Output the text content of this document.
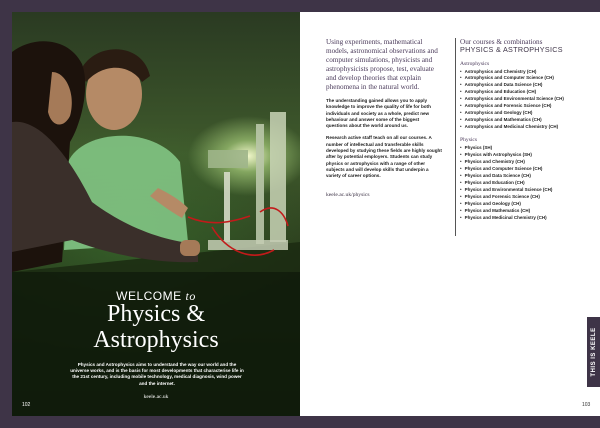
WELCOME to
Physics &
Astrophysics
Physics and Astrophysics aims to understand the way our world and the universe works, and is the basis for most developments that characterise life in the 21st century, including mobile technology, medical diagnosis, wind power and the internet.
keele.ac.uk
102

Using experiments, mathematical models, astronomical observations and computer simulations, physicists and astrophysicists propose, test, evaluate and develop theories that explain phenomena in the natural world.

The understanding gained allows you to apply knowledge to improve the quality of life for both individuals and society as a whole, predict new behaviour and answer some of the biggest questions about the world around us.

Research active staff teach on all our courses. A number of intellectual and transferable skills developed by studying these fields are highly sought after by potential employers. Students can study physics or astrophysics with a range of other subjects and will develop skills that underpin a variety of career options.

keele.ac.uk/physics

Our courses & combinations
PHYSICS & ASTROPHYSICS
Astrophysics
• Astrophysics and Chemistry (CH)
• Astrophysics and Computer Science (CH)
• Astrophysics and Data Science (CH)
• Astrophysics and Education (CH)
• Astrophysics and Environmental Science (CH)
• Astrophysics and Forensic Science (CH)
• Astrophysics and Geology (CH)
• Astrophysics and Mathematics (CH)
• Astrophysics and Medicinal Chemistry (CH)
Physics
• Physics (SH)
• Physics with Astrophysics (SH)
• Physics and Chemistry (CH)
• Physics and Computer Science (CH)
• Physics and Data Science (CH)
• Physics and Education (CH)
• Physics and Environmental Science (CH)
• Physics and Forensic Science (CH)
• Physics and Geology (CH)
• Physics and Mathematics (CH)
• Physics and Medicinal Chemistry (CH)
103
THIS IS KEELE
